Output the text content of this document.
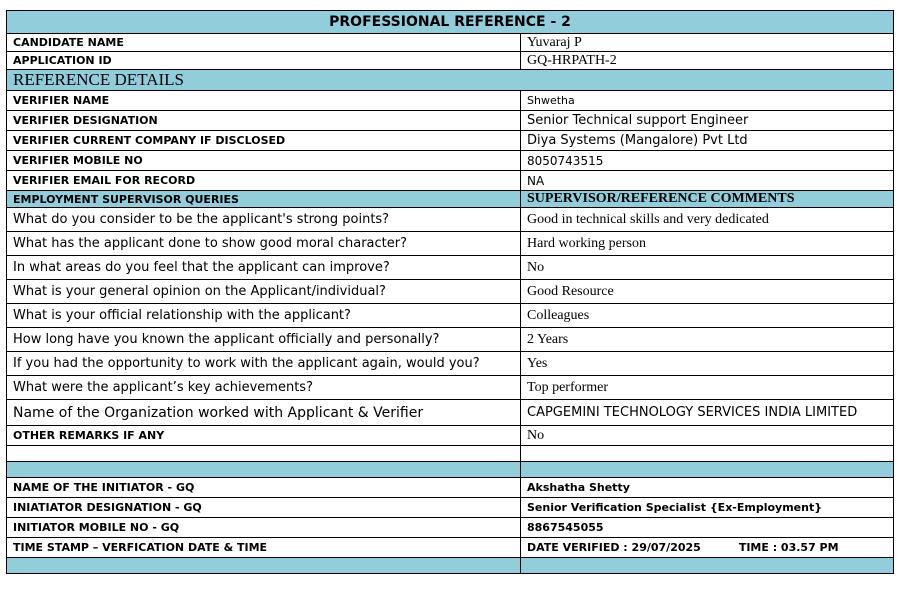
PROFESSIONAL REFERENCE - 2	
CANDIDATE NAME	Yuvaraj P
APPLICATION ID	GQ-HRPATH-2
REFERENCE DETAILS	
VERIFIER NAME	Shwetha
VERIFIER DESIGNATION	Senior Technical support Engineer
VERIFIER CURRENT COMPANY IF DISCLOSED	Diya Systems (Mangalore) Pvt Ltd
VERIFIER MOBILE NO	8050743515
VERIFIER EMAIL FOR RECORD	NA
EMPLOYMENT SUPERVISOR QUERIES	SUPERVISOR/REFERENCE COMMENTS
What do you consider to be the applicant's strong points?	Good in technical skills and very dedicated
What has the applicant done to show good moral character?	Hard working person
In what areas do you feel that the applicant can improve?	No
What is your general opinion on the Applicant/individual?	Good Resource
What is your official relationship with the applicant?	Colleagues
How long have you known the applicant officially and personally?	2 Years
If you had the opportunity to work with the applicant again, would you?	Yes
What were the applicant’s key achievements?	Top performer
Name of the Organization worked with Applicant & Verifier	CAPGEMINI TECHNOLOGY SERVICES INDIA LIMITED
OTHER REMARKS IF ANY	No

NAME OF THE INITIATOR - GQ	Akshatha Shetty
INIATIATOR DESIGNATION - GQ	Senior Verification Specialist {Ex-Employment}
INITIATOR MOBILE NO - GQ	8867545055
TIME STAMP – VERFICATION DATE & TIME	DATE VERIFIED : 29/07/2025 TIME : 03.57 PM
